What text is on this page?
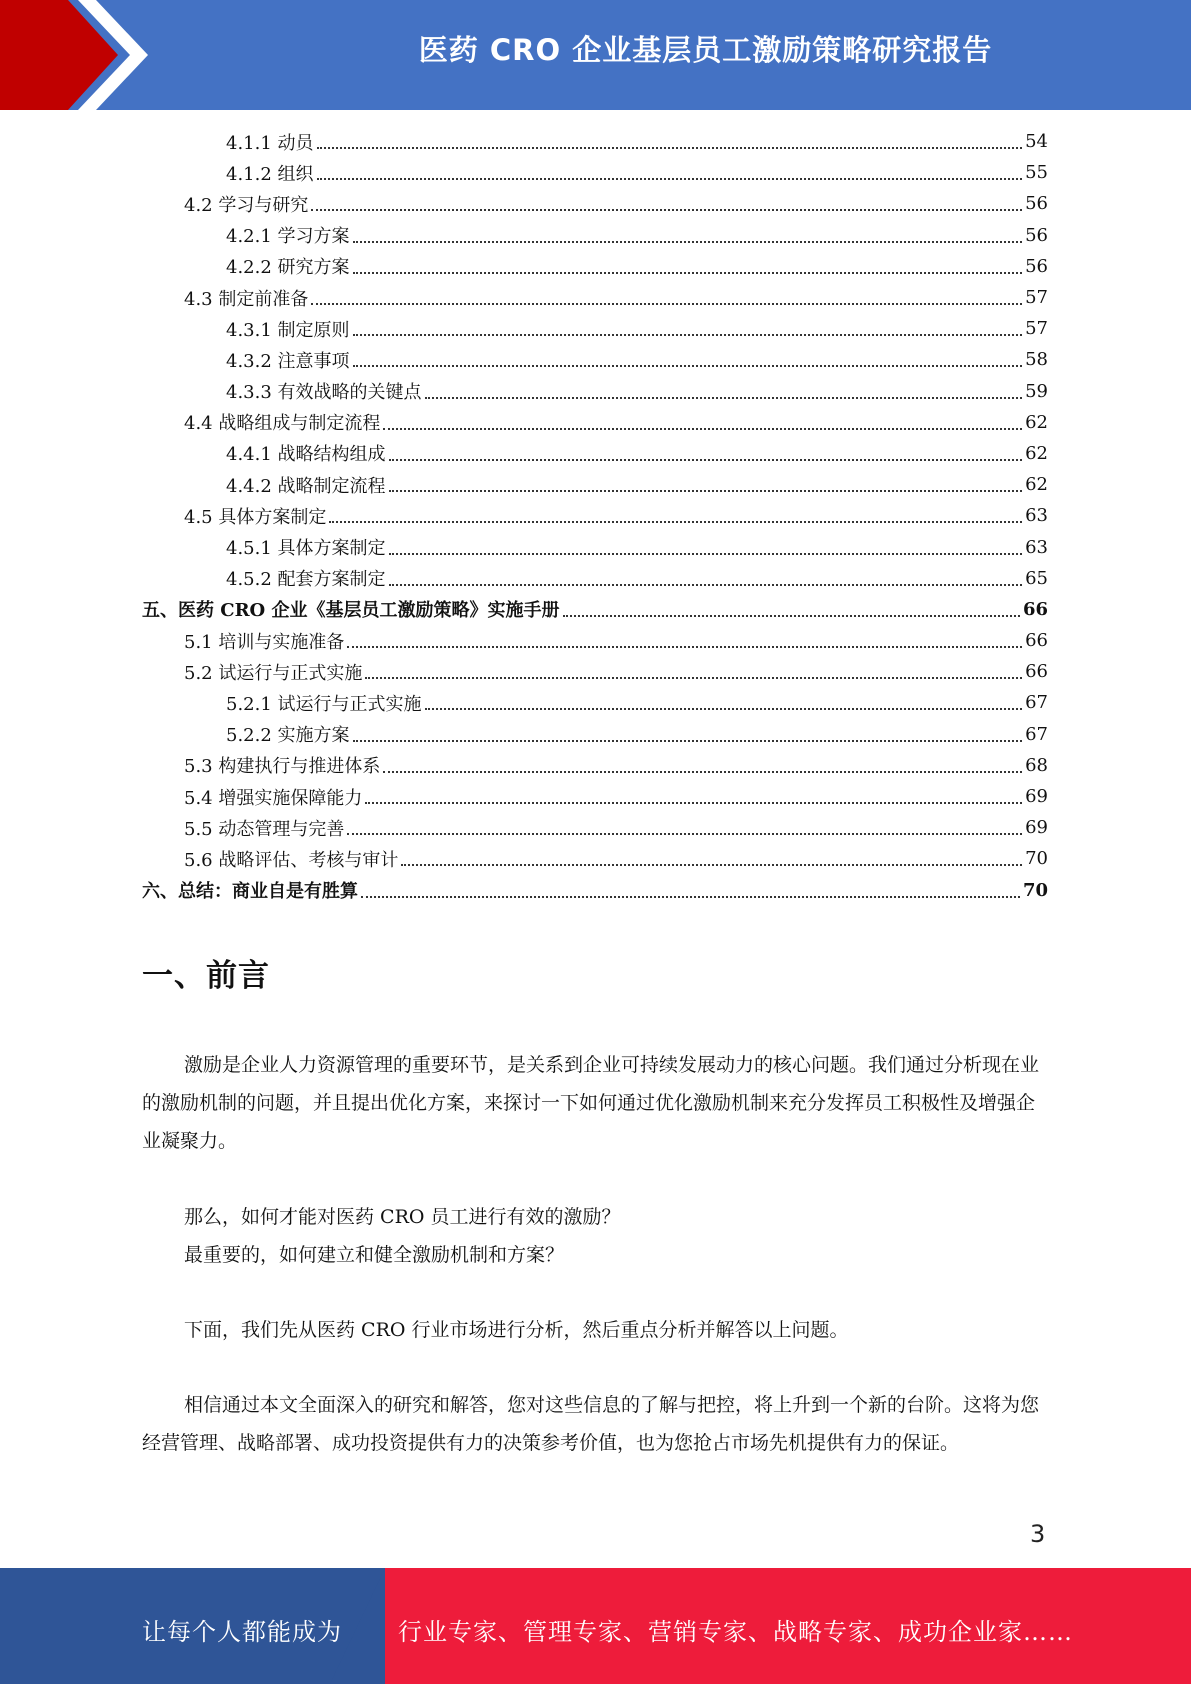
医药 CRO 企业基层员工激励策略研究报告
4.1.1 动员	54
4.1.2 组织	55
4.2 学习与研究	56
4.2.1 学习方案	56
4.2.2 研究方案	56
4.3 制定前准备	57
4.3.1 制定原则	57
4.3.2 注意事项	58
4.3.3 有效战略的关键点	59
4.4 战略组成与制定流程	62
4.4.1 战略结构组成	62
4.4.2 战略制定流程	62
4.5 具体方案制定	63
4.5.1 具体方案制定	63
4.5.2 配套方案制定	65
五、医药 CRO 企业《基层员工激励策略》实施手册	66
5.1 培训与实施准备	66
5.2 试运行与正式实施	66
5.2.1 试运行与正式实施	67
5.2.2 实施方案	67
5.3 构建执行与推进体系	68
5.4 增强实施保障能力	69
5.5 动态管理与完善	69
5.6 战略评估、考核与审计	70
六、总结：商业自是有胜算	70
一、前言

激励是企业人力资源管理的重要环节，是关系到企业可持续发展动力的核心问题。我们通过分析现在业的激励机制的问题，并且提出优化方案，来探讨一下如何通过优化激励机制来充分发挥员工积极性及增强企业凝聚力。

那么，如何才能对医药 CRO 员工进行有效的激励？

最重要的，如何建立和健全激励机制和方案？

下面，我们先从医药 CRO 行业市场进行分析，然后重点分析并解答以上问题。

相信通过本文全面深入的研究和解答，您对这些信息的了解与把控，将上升到一个新的台阶。这将为您经营管理、战略部署、成功投资提供有力的决策参考价值，也为您抢占市场先机提供有力的保证。

3
让每个人都能成为 行业专家、管理专家、营销专家、战略专家、成功企业家……
